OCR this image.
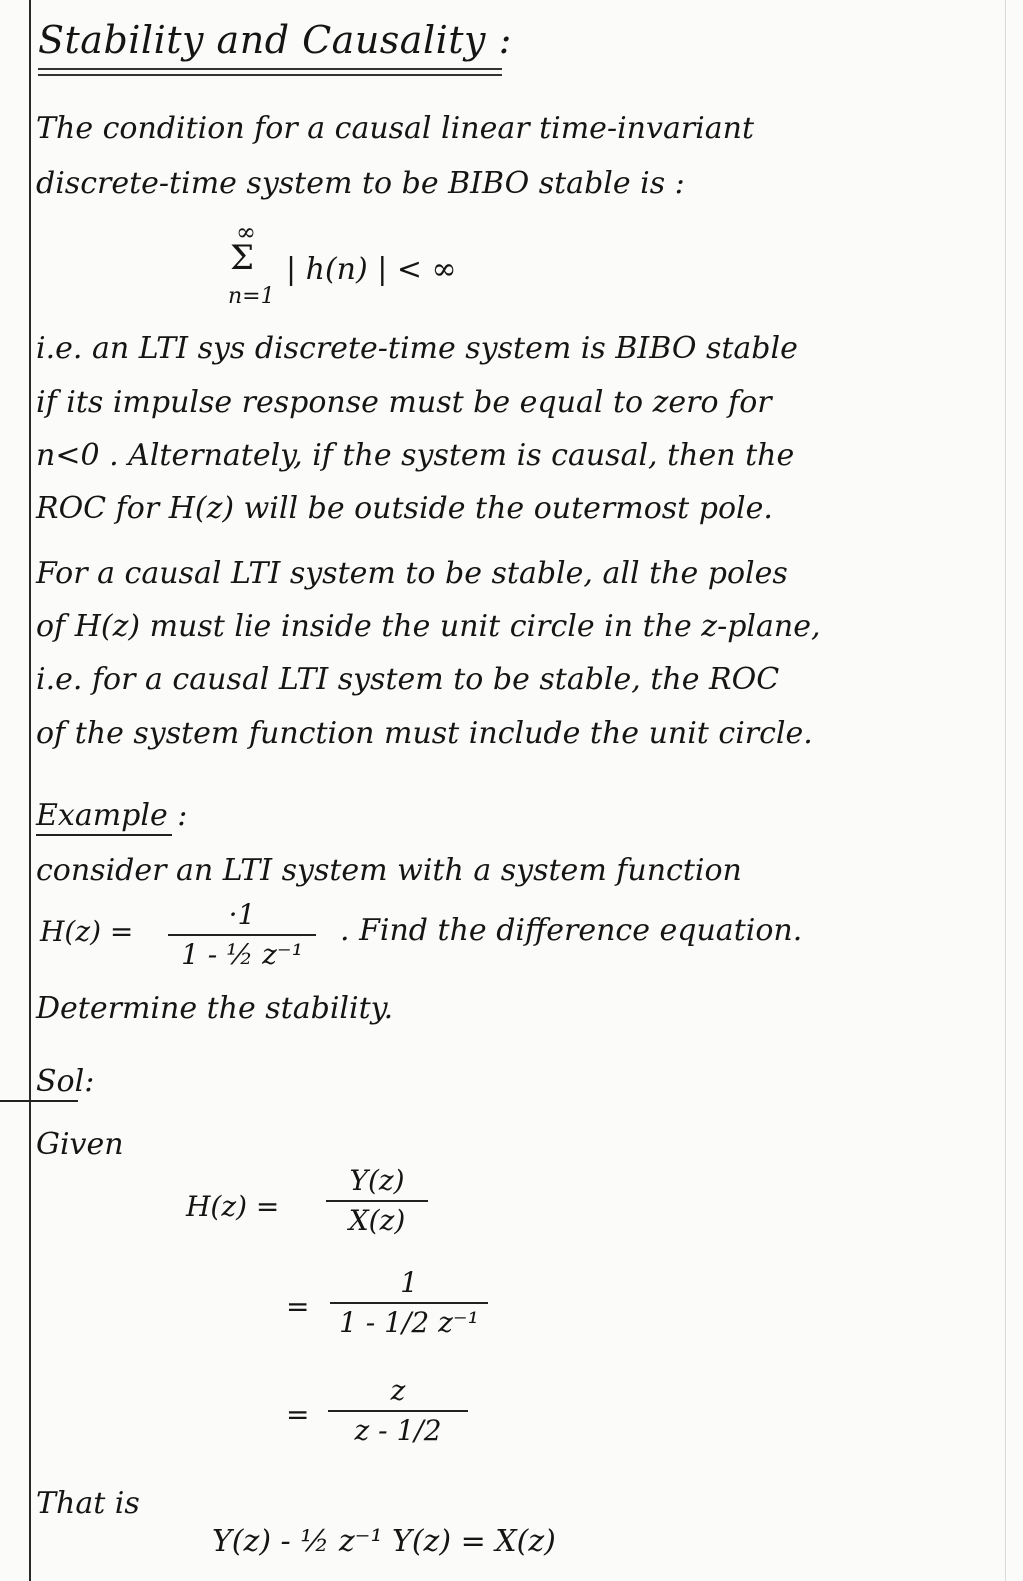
Stability and Causality :
The condition for a causal linear time-invariant
discrete-time system to be BIBO stable is :
∞
Σ
n=1
| h(n) | < ∞
i.e. an LTI sys discrete-time system is BIBO stable
if its impulse response must be equal to zero for
n<0 . Alternately, if the system is causal, then the
ROC for H(z) will be outside the outermost pole.
For a causal LTI system to be stable, all the poles
of H(z) must lie inside the unit circle in the z-plane,
i.e. for a causal LTI system to be stable, the ROC
of the system function must include the unit circle.
Example :
consider an LTI system with a system function
H(z) =
·1
1 - ½ z⁻¹
. Find the difference equation.
Determine the stability.
Sol:
Given
H(z) =
Y(z)
X(z)
=
1
1 - 1/2 z⁻¹
=
z
z - 1/2
That is
Y(z) - ½ z⁻¹ Y(z) = X(z)
